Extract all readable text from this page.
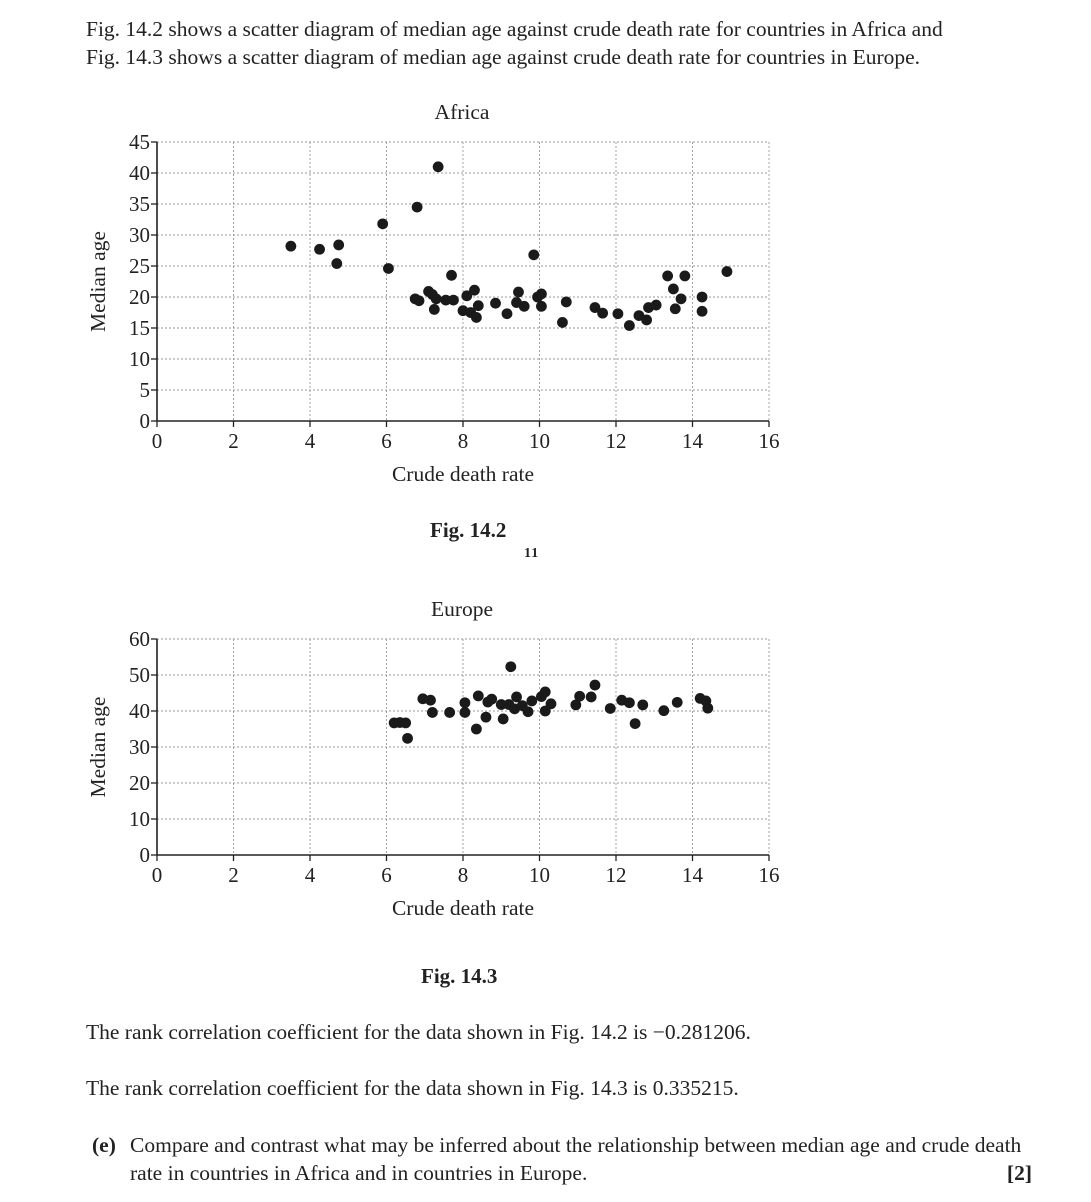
Fig. 14.2 shows a scatter diagram of median age against crude death rate for countries in Africa and

Fig. 14.3 shows a scatter diagram of median age against crude death rate for countries in Europe.

0
5
10
15
20
25
30
35
40
45
0	2	4	6	8	10	12	14	16
Africa
Crude death rate
Median age
Fig. 14.2
11
0
10
20
30
40
50
60
0	2	4	6	8	10	12	14	16
Europe
Crude death rate
Median age
Fig. 14.3

The rank correlation coefficient for the data shown in Fig. 14.2 is −0.281206.

The rank correlation coefficient for the data shown in Fig. 14.3 is 0.335215.

(e) Compare and contrast what may be inferred about the relationship between median age and crude death rate in countries in Africa and in countries in Europe.	[2]
